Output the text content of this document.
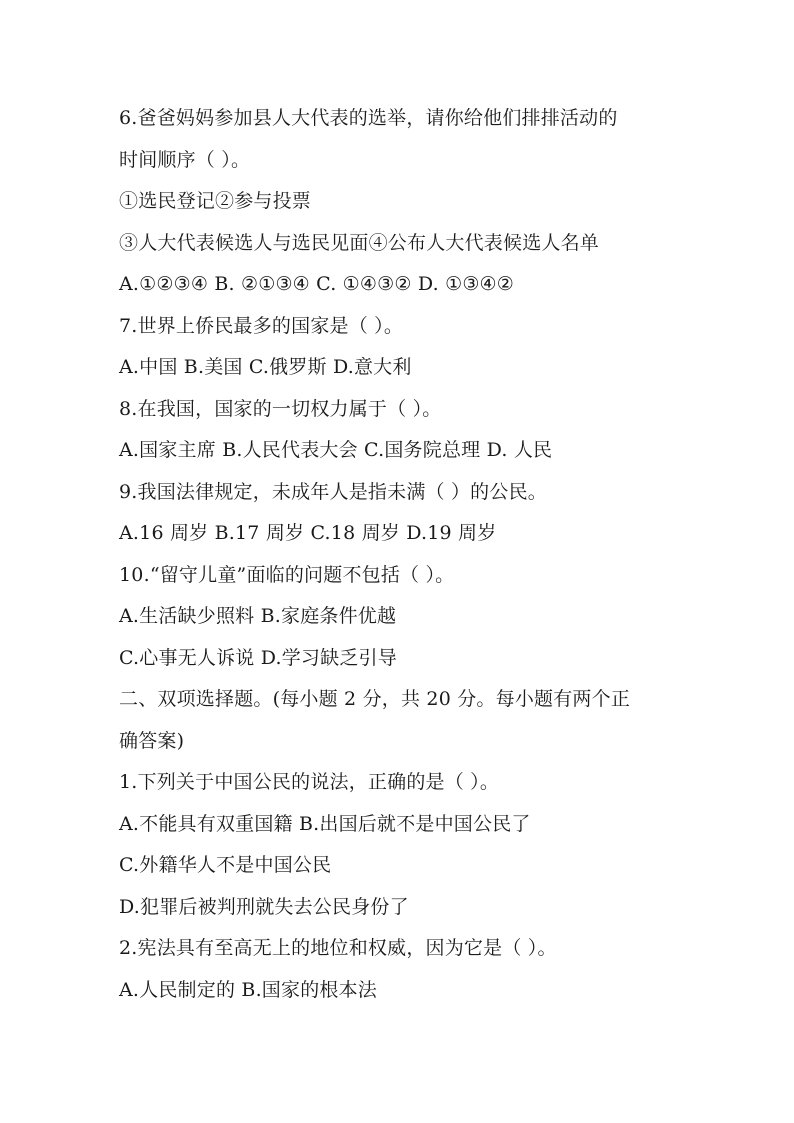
6.爸爸妈妈参加县人大代表的选举，请你给他们排排活动的
时间顺序（ ）。
①选民登记②参与投票
③人大代表候选人与选民见面④公布人大代表候选人名单
A.①②③④ B. ②①③④ C. ①④③② D. ①③④②
7.世界上侨民最多的国家是（ ）。
A.中国 B.美国 C.俄罗斯 D.意大利
8.在我国，国家的一切权力属于（ ）。
A.国家主席 B.人民代表大会 C.国务院总理 D. 人民
9.我国法律规定，未成年人是指未满（ ）的公民。
A.16 周岁 B.17 周岁 C.18 周岁 D.19 周岁
10.“留守儿童”面临的问题不包括（ ）。
A.生活缺少照料 B.家庭条件优越
C.心事无人诉说 D.学习缺乏引导
二、双项选择题。(每小题 2 分，共 20 分。每小题有两个正
确答案)
1.下列关于中国公民的说法，正确的是（ ）。
A.不能具有双重国籍 B.出国后就不是中国公民了
C.外籍华人不是中国公民
D.犯罪后被判刑就失去公民身份了
2.宪法具有至高无上的地位和权威，因为它是（ ）。
A.人民制定的 B.国家的根本法
